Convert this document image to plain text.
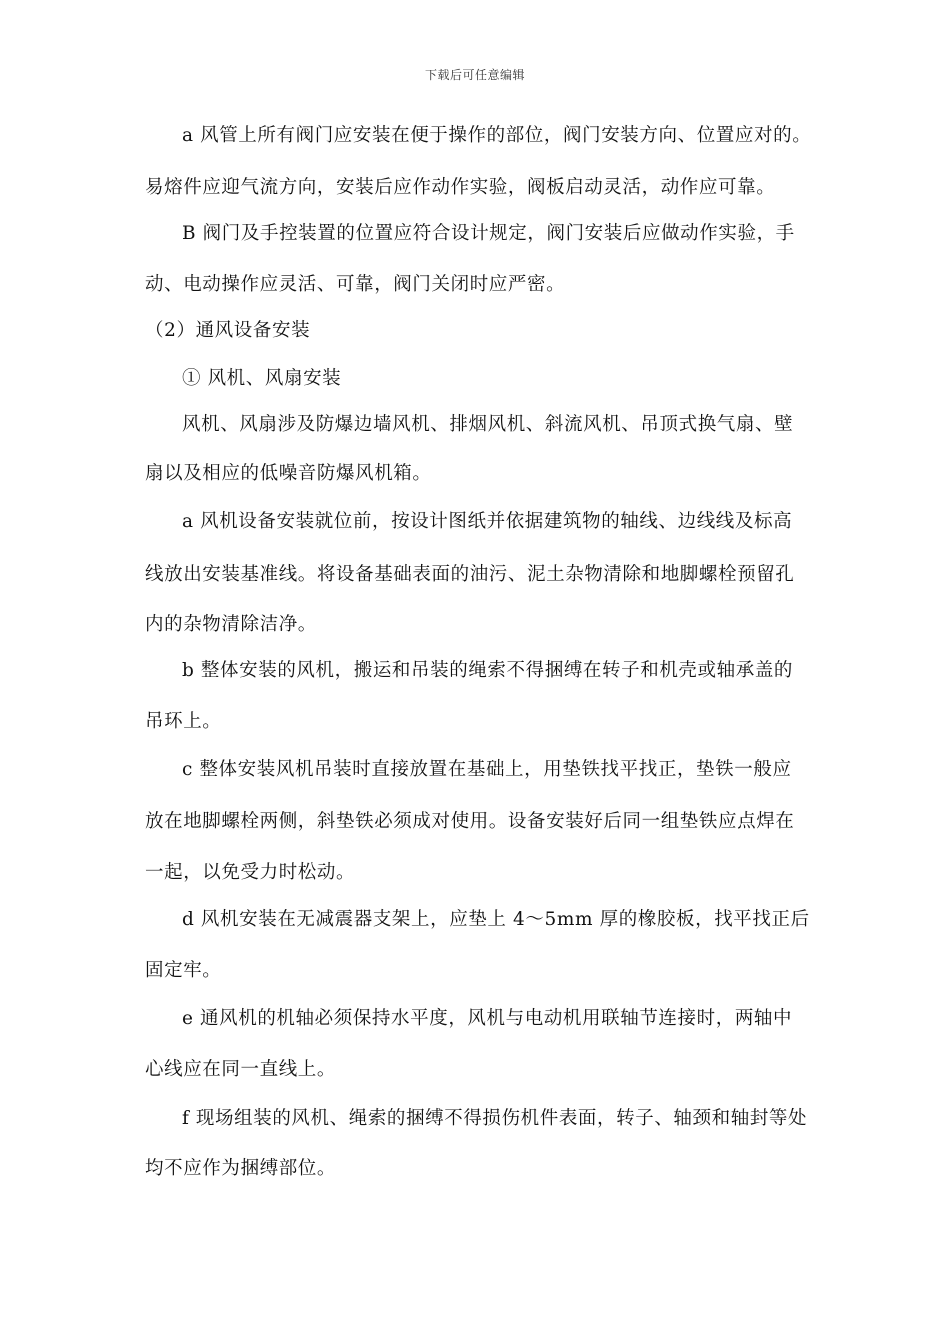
下载后可任意编辑
a 风管上所有阀门应安装在便于操作的部位，阀门安装方向、位置应对的。
易熔件应迎气流方向，安装后应作动作实验，阀板启动灵活，动作应可靠。
B 阀门及手控装置的位置应符合设计规定，阀门安装后应做动作实验，手
动、电动操作应灵活、可靠，阀门关闭时应严密。
（2）通风设备安装
① 风机、风扇安装
风机、风扇涉及防爆边墙风机、排烟风机、斜流风机、吊顶式换气扇、壁
扇以及相应的低噪音防爆风机箱。
a 风机设备安装就位前，按设计图纸并依据建筑物的轴线、边线线及标高
线放出安装基准线。将设备基础表面的油污、泥土杂物清除和地脚螺栓预留孔
内的杂物清除洁净。
b 整体安装的风机，搬运和吊装的绳索不得捆缚在转子和机壳或轴承盖的
吊环上。
c 整体安装风机吊装时直接放置在基础上，用垫铁找平找正，垫铁一般应
放在地脚螺栓两侧，斜垫铁必须成对使用。设备安装好后同一组垫铁应点焊在
一起，以免受力时松动。
d 风机安装在无减震器支架上，应垫上 4～5mm 厚的橡胶板，找平找正后
固定牢。
e 通风机的机轴必须保持水平度，风机与电动机用联轴节连接时，两轴中
心线应在同一直线上。
f 现场组装的风机、绳索的捆缚不得损伤机件表面，转子、轴颈和轴封等处
均不应作为捆缚部位。
